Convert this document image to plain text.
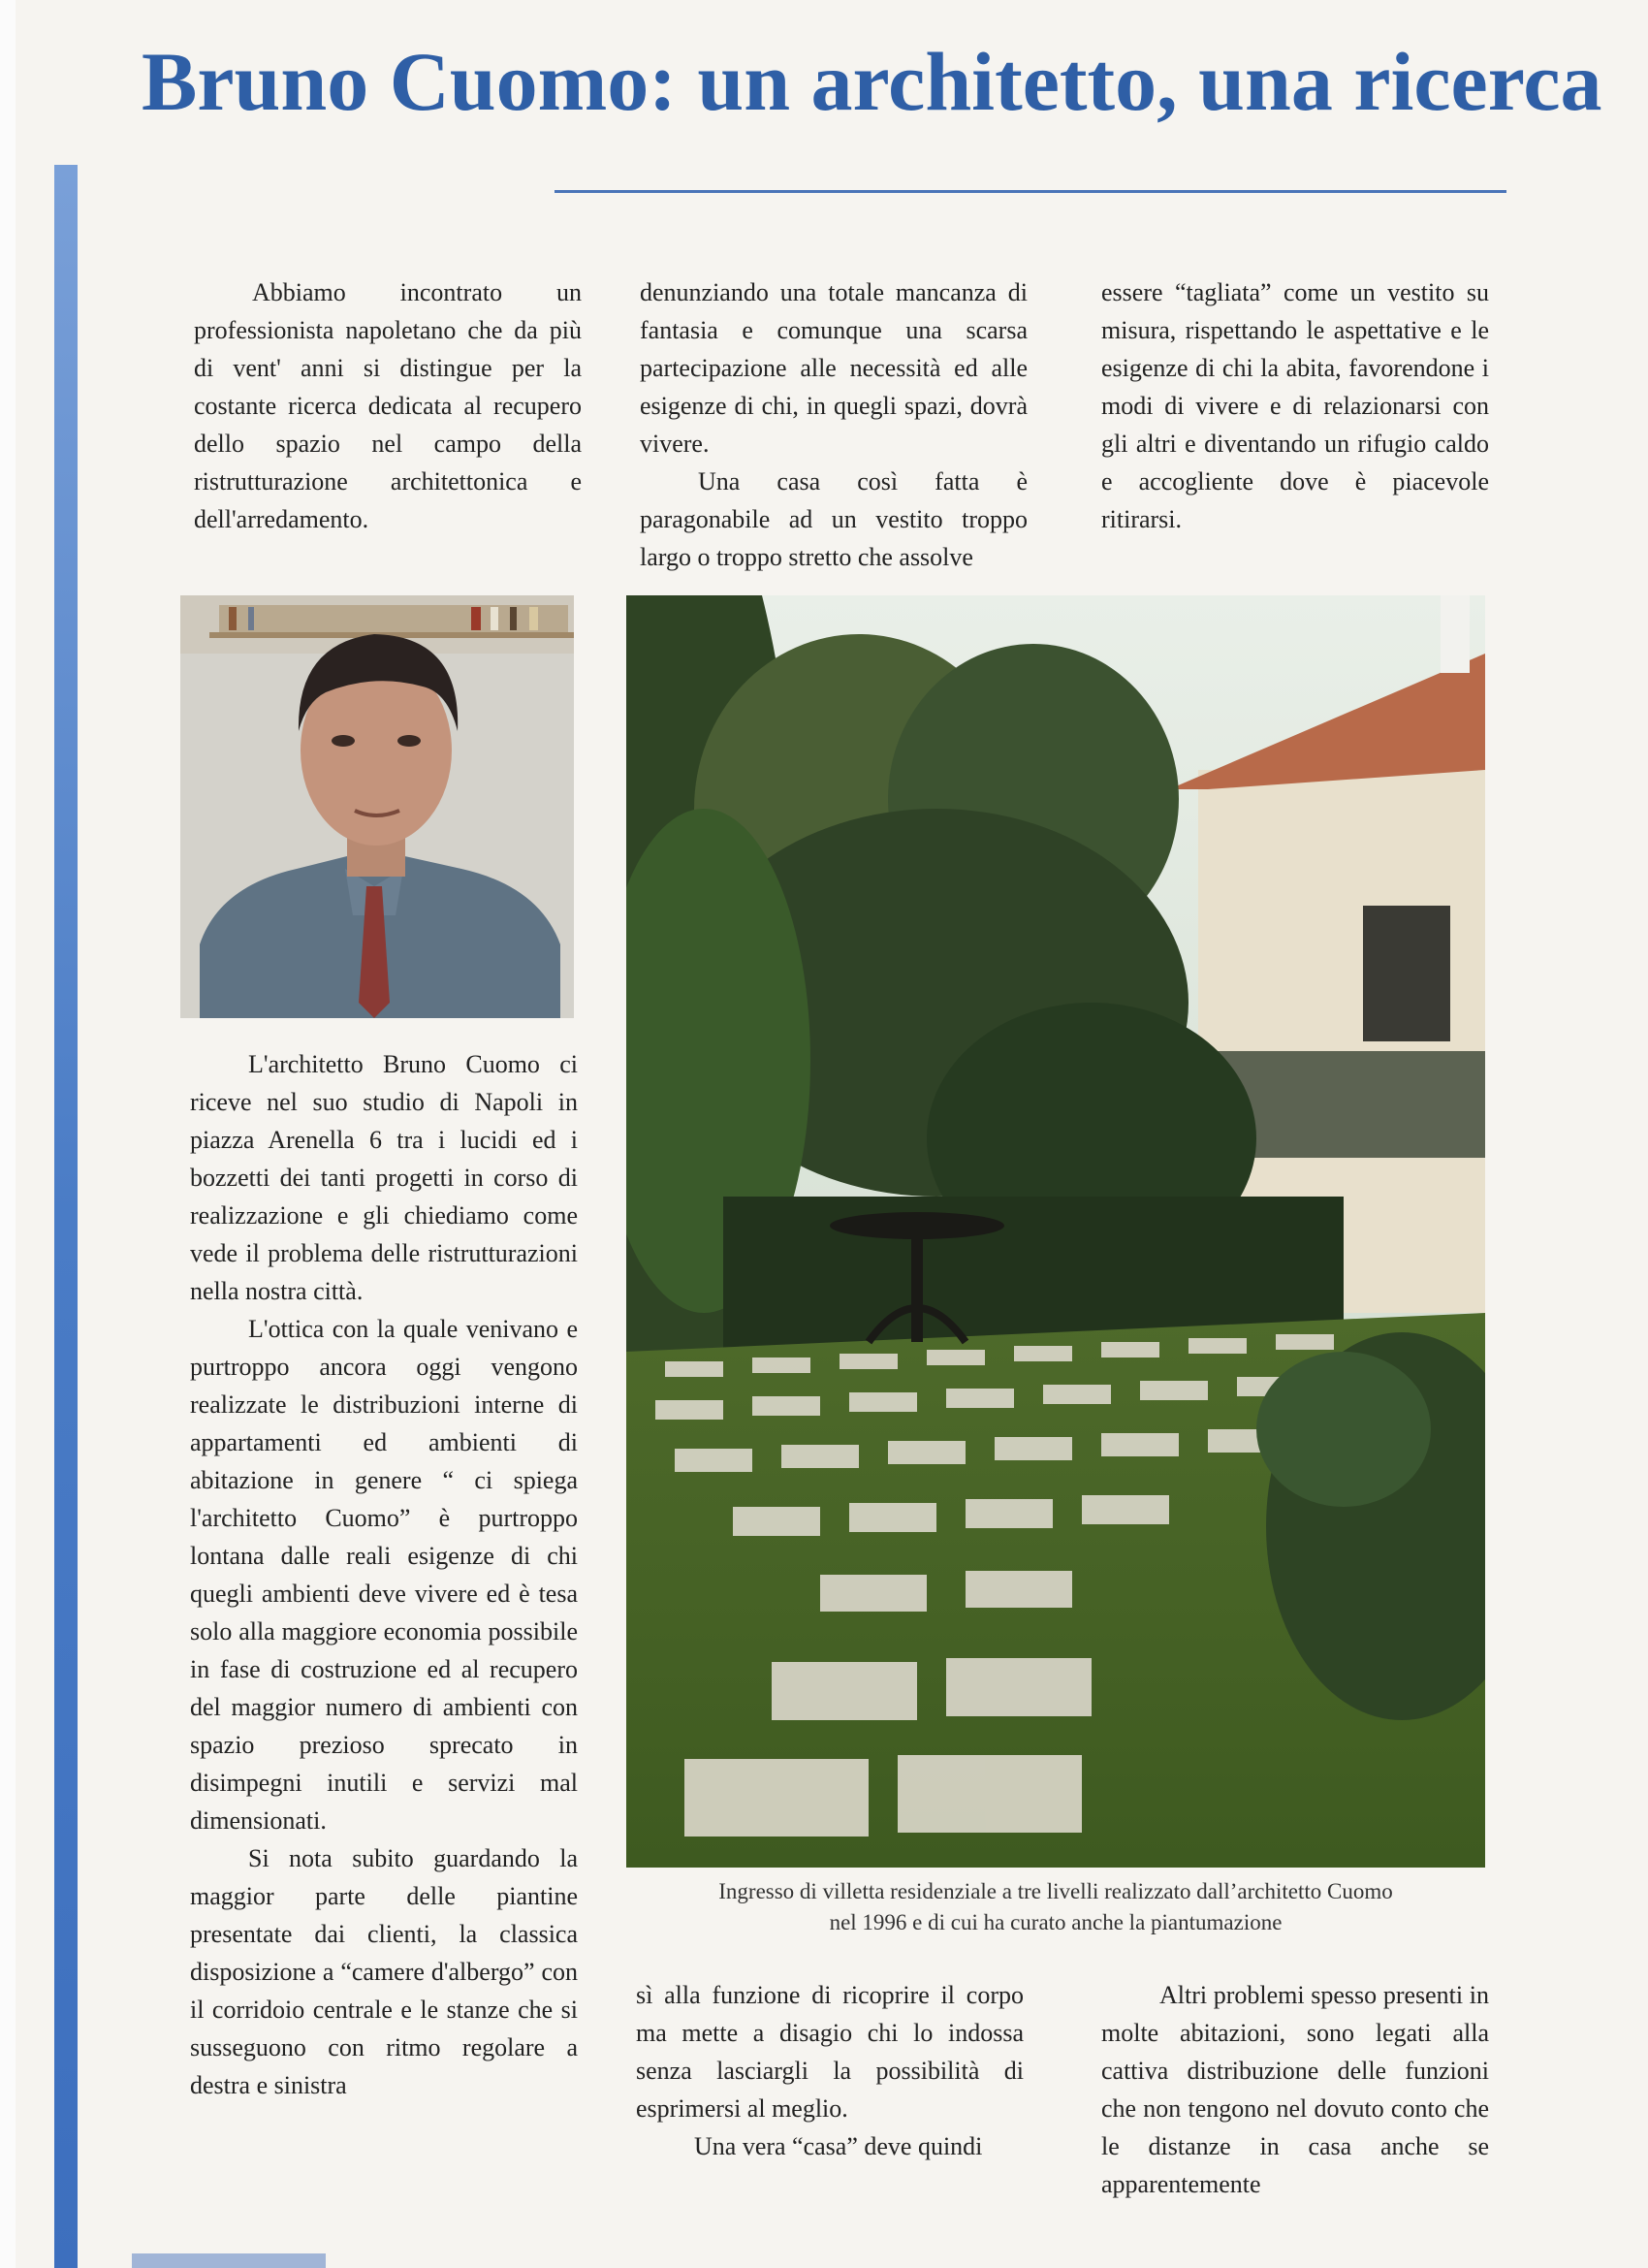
Bruno Cuomo: un architetto, una ricerca

Abbiamo incontrato un professionista napoletano che da più di vent' anni si distingue per la costante ricerca dedicata al recupero dello spazio nel campo della ristrutturazione architettonica e dell'arredamento.

denunziando una totale mancanza di fantasia e comunque una scarsa partecipazione alle necessità ed alle esigenze di chi, in quegli spazi, dovrà vivere.

Una casa così fatta è paragonabile ad un vestito troppo largo o troppo stretto che assolve

essere “tagliata” come un vestito su misura, rispettando le aspettative e le esigenze di chi la abita, favorendone i modi di vivere e di relazionarsi con gli altri e diventando un rifugio caldo e accogliente dove è piacevole ritirarsi.

L'architetto Bruno Cuomo ci riceve nel suo studio di Napoli in piazza Arenella 6 tra i lucidi ed i bozzetti dei tanti progetti in corso di realizzazione e gli chiediamo come vede il problema delle ristrutturazioni nella nostra città.

L'ottica con la quale venivano e purtroppo ancora oggi vengono realizzate le distribuzioni interne di appartamenti ed ambienti di abitazione in genere “ ci spiega l'architetto Cuomo” è purtroppo lontana dalle reali esigenze di chi quegli ambienti deve vivere ed è tesa solo alla maggiore economia possibile in fase di costruzione ed al recupero del maggior numero di ambienti con spazio prezioso sprecato in disimpegni inutili e servizi mal dimensionati.

Si nota subito guardando la maggior parte delle piantine presentate dai clienti, la classica disposizione a “camere d'albergo” con il corridoio centrale e le stanze che si susseguono con ritmo regolare a destra e sinistra

Ingresso di villetta residenziale a tre livelli realizzato dall’architetto Cuomo
nel 1996 e di cui ha curato anche la piantumazione

sì alla funzione di ricoprire il corpo ma mette a disagio chi lo indossa senza lasciargli la possibilità di esprimersi al meglio.

Una vera “casa” deve quindi

Altri problemi spesso presenti in molte abitazioni, sono legati alla cattiva distribuzione delle funzioni che non tengono nel dovuto conto che le distanze in casa anche se apparentemente
